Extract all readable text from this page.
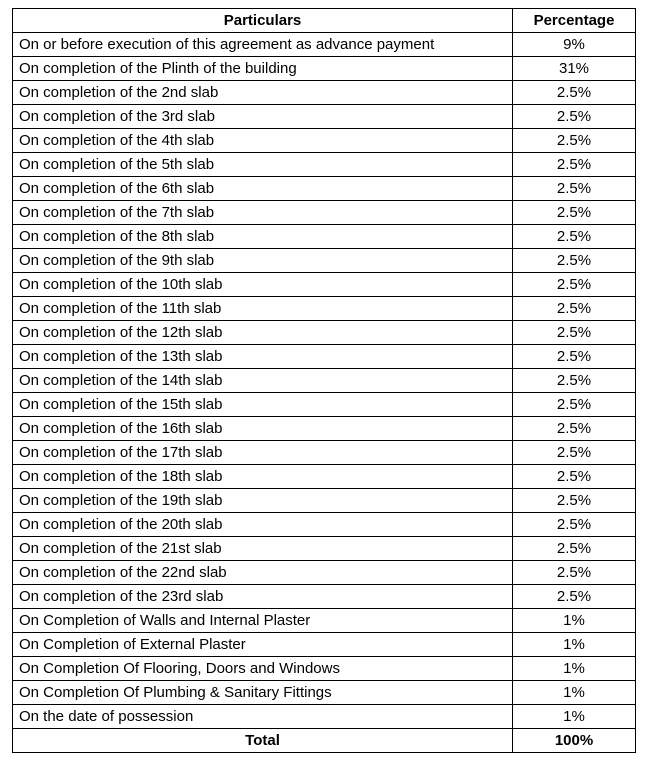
Particulars	Percentage
On or before execution of this agreement as advance payment	9%
On completion of the Plinth of the building	31%
On completion of the 2nd slab	2.5%
On completion of the 3rd slab	2.5%
On completion of the 4th slab	2.5%
On completion of the 5th slab	2.5%
On completion of the 6th slab	2.5%
On completion of the 7th slab	2.5%
On completion of the 8th slab	2.5%
On completion of the 9th slab	2.5%
On completion of the 10th slab	2.5%
On completion of the 11th slab	2.5%
On completion of the 12th slab	2.5%
On completion of the 13th slab	2.5%
On completion of the 14th slab	2.5%
On completion of the 15th slab	2.5%
On completion of the 16th slab	2.5%
On completion of the 17th slab	2.5%
On completion of the 18th slab	2.5%
On completion of the 19th slab	2.5%
On completion of the 20th slab	2.5%
On completion of the 21st slab	2.5%
On completion of the 22nd slab	2.5%
On completion of the 23rd slab	2.5%
On Completion of Walls and Internal Plaster	1%
On Completion of External Plaster	1%
On Completion Of Flooring, Doors and Windows	1%
On Completion Of Plumbing & Sanitary Fittings	1%
On the date of possession	1%
Total	100%
